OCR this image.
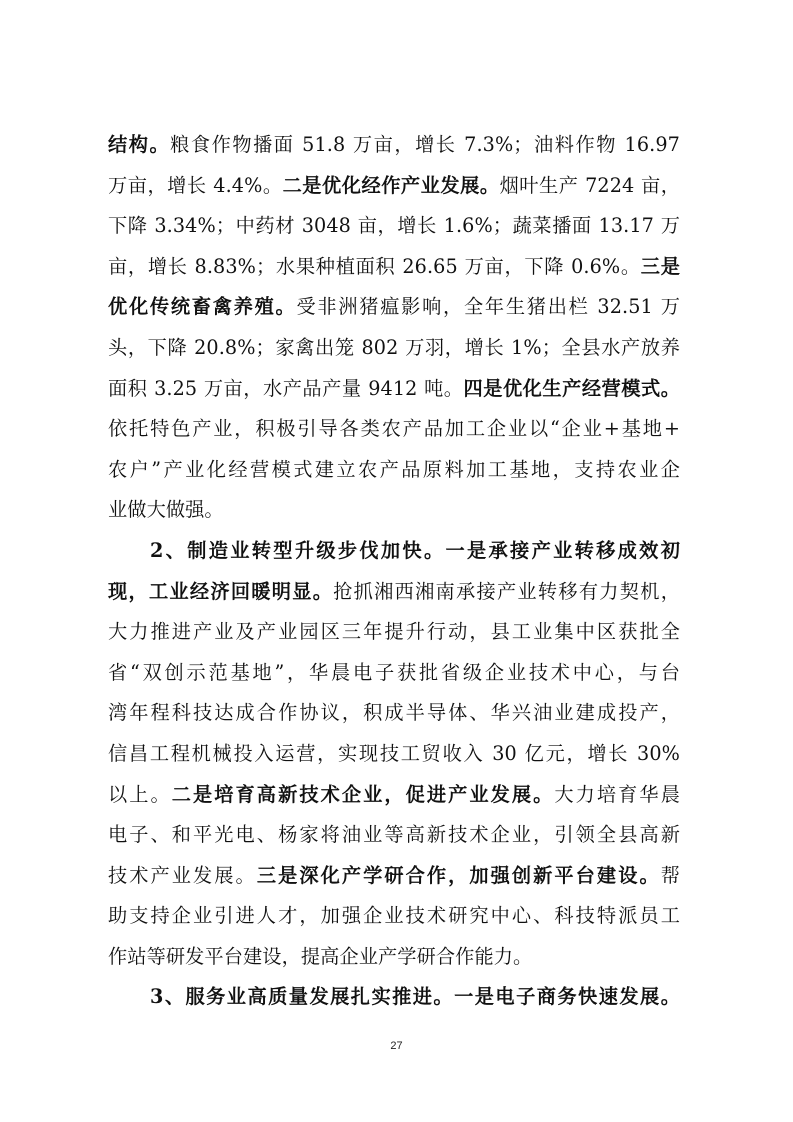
结构。粮食作物播面 51.8 万亩，增长 7.3%；油料作物 16.97
万亩，增长 4.4%。二是优化经作产业发展。烟叶生产 7224 亩，
下降 3.34%；中药材 3048 亩，增长 1.6%；蔬菜播面 13.17 万
亩，增长 8.83%；水果种植面积 26.65 万亩，下降 0.6%。三是
优化传统畜禽养殖。受非洲猪瘟影响，全年生猪出栏 32.51 万
头，下降 20.8%；家禽出笼 802 万羽，增长 1%；全县水产放养
面积 3.25 万亩，水产品产量 9412 吨。四是优化生产经营模式。
依托特色产业，积极引导各类农产品加工企业以“企业+基地+
农户”产业化经营模式建立农产品原料加工基地，支持农业企
业做大做强。
2、制造业转型升级步伐加快。一是承接产业转移成效初
现，工业经济回暖明显。抢抓湘西湘南承接产业转移有力契机，
大力推进产业及产业园区三年提升行动，县工业集中区获批全
省“双创示范基地”，华晨电子获批省级企业技术中心，与台
湾年程科技达成合作协议，积成半导体、华兴油业建成投产，
信昌工程机械投入运营，实现技工贸收入 30 亿元，增长 30%
以上。二是培育高新技术企业，促进产业发展。大力培育华晨
电子、和平光电、杨家将油业等高新技术企业，引领全县高新
技术产业发展。三是深化产学研合作，加强创新平台建设。帮
助支持企业引进人才，加强企业技术研究中心、科技特派员工
作站等研发平台建设，提高企业产学研合作能力。
3、服务业高质量发展扎实推进。一是电子商务快速发展。
27
